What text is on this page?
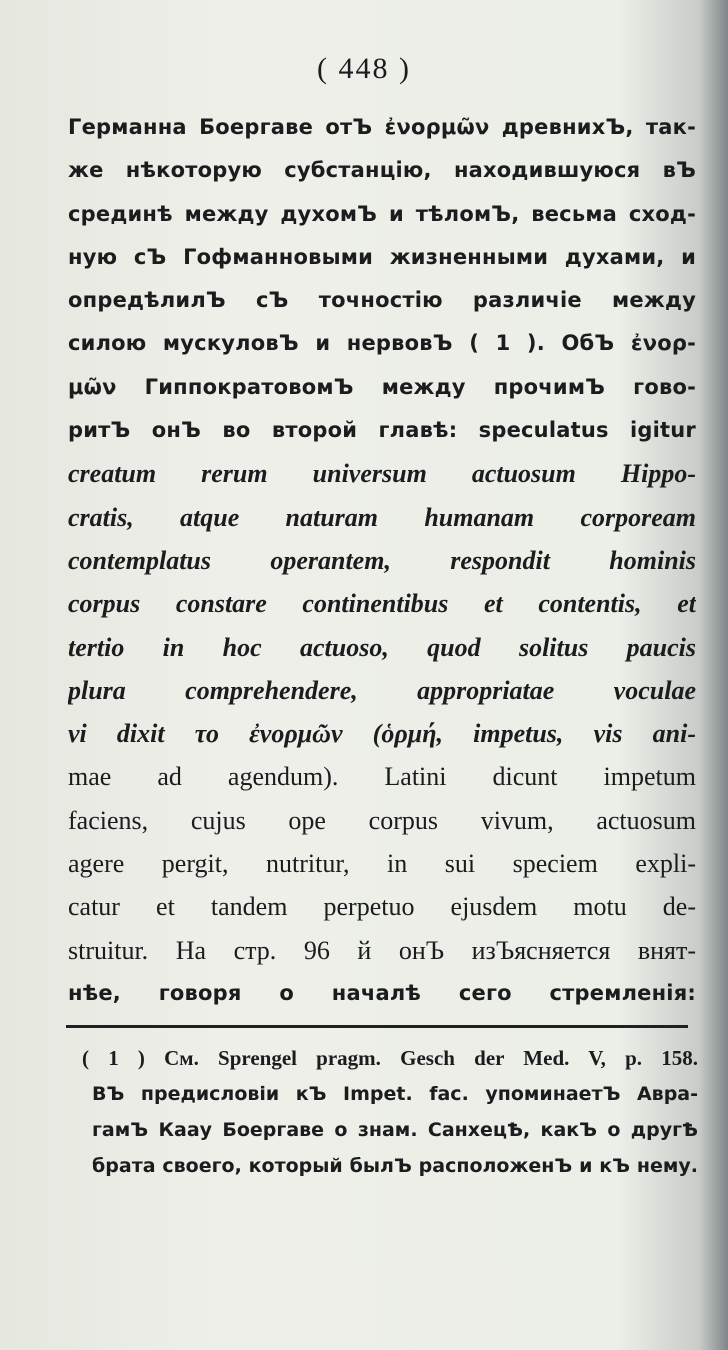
( 448 )
Германна Боергаве отЪ ἐνορμῶν древнихЪ, так-
же нѣкоторую субстанцію, находившуюся вЪ
срединѣ между духомЪ и тѣломЪ, весьма сход-
ную сЪ Гофманновыми жизненными духами, и
опредѣлилЪ сЪ точностію различіе между
силою мускуловЪ и нервовЪ ( 1 ). ОбЪ ἐνορ-
μῶν ГиппократовомЪ между прочимЪ гово-
ритЪ онЪ во второй главѣ: speculatus igitur
creatum rerum universum actuosum Hippo-
cratis, atque naturam humanam corpoream
contemplatus operantem, respondit hominis
corpus constare continentibus et contentis, et
tertio in hoc actuoso, quod solitus paucis
plura comprehendere, appropriatae voculae
vi dixit το ἐνορμῶν (ὁρμή, impetus, vis ani-
mae ad agendum). Latini dicunt impetum
faciens, cujus ope corpus vivum, actuosum
agere pergit, nutritur, in sui speciem expli-
catur et tandem perpetuo ejusdem motu de-
struitur. На стр. 96 й онЪ изЪясняется внят-
нѣе, говоря о началѣ сего стремленія:
( 1 ) См. Sprengel pragm. Gesch der Med. V, p. 158.
ВЪ предисловіи кЪ Impet. fac. упоминаетЪ Авра-
гамЪ Каау Боергаве о знам. СанхецѢ, какЪ о другѢ
брата своего, который былЪ расположенЪ и кЪ нему.
